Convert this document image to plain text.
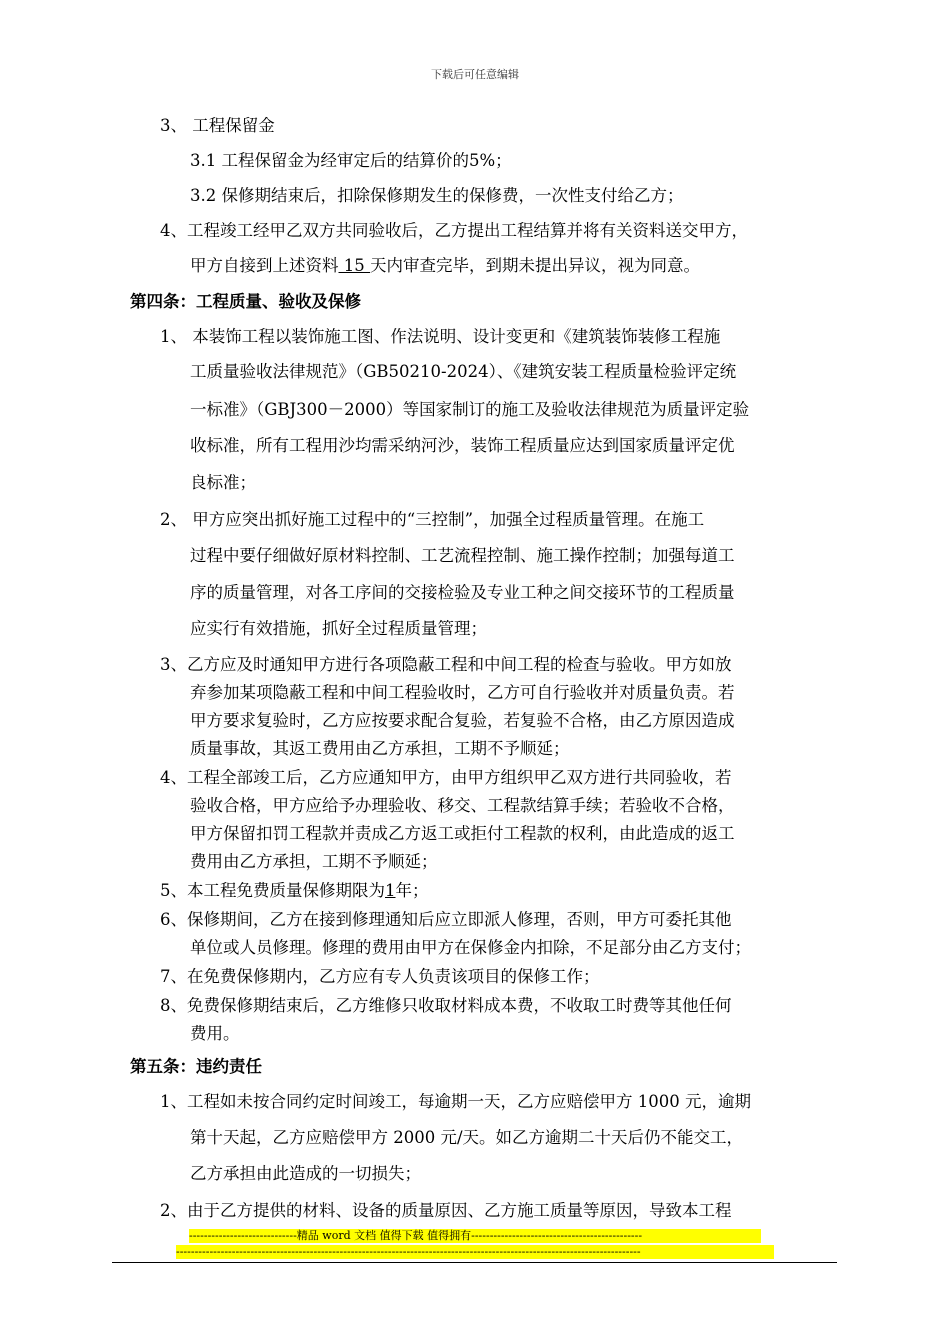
下载后可任意编辑
3、 工程保留金
3.1 工程保留金为经审定后的结算价的5%；
3.2 保修期结束后，扣除保修期发生的保修费，一次性支付给乙方；
4、工程竣工经甲乙双方共同验收后，乙方提出工程结算并将有关资料送交甲方，
甲方自接到上述资料 15 天内审查完毕，到期未提出异议，视为同意。
第四条：工程质量、验收及保修
1、 本装饰工程以装饰施工图、作法说明、设计变更和《建筑装饰装修工程施
工质量验收法律规范》（GB50210-2024）、《建筑安装工程质量检验评定统
一标准》（GBJ300－2000）等国家制订的施工及验收法律规范为质量评定验
收标准，所有工程用沙均需采纳河沙，装饰工程质量应达到国家质量评定优
良标准；
2、 甲方应突出抓好施工过程中的“三控制”，加强全过程质量管理。在施工
过程中要仔细做好原材料控制、工艺流程控制、施工操作控制；加强每道工
序的质量管理，对各工序间的交接检验及专业工种之间交接环节的工程质量
应实行有效措施，抓好全过程质量管理；
3、乙方应及时通知甲方进行各项隐蔽工程和中间工程的检查与验收。甲方如放
弃参加某项隐蔽工程和中间工程验收时，乙方可自行验收并对质量负责。若
甲方要求复验时，乙方应按要求配合复验，若复验不合格，由乙方原因造成
质量事故，其返工费用由乙方承担，工期不予顺延；
4、工程全部竣工后，乙方应通知甲方，由甲方组织甲乙双方进行共同验收，若
验收合格，甲方应给予办理验收、移交、工程款结算手续；若验收不合格，
甲方保留扣罚工程款并责成乙方返工或拒付工程款的权利，由此造成的返工
费用由乙方承担，工期不予顺延；
5、本工程免费质量保修期限为1年；
6、保修期间，乙方在接到修理通知后应立即派人修理，否则，甲方可委托其他
单位或人员修理。修理的费用由甲方在保修金内扣除，不足部分由乙方支付；
7、在免费保修期内，乙方应有专人负责该项目的保修工作；
8、免费保修期结束后，乙方维修只收取材料成本费，不收取工时费等其他任何
费用。
第五条：违约责任
1、工程如未按合同约定时间竣工，每逾期一天，乙方应赔偿甲方 1000 元，逾期
第十天起，乙方应赔偿甲方 2000 元/天。如乙方逾期二十天后仍不能交工，
乙方承担由此造成的一切损失；
2、由于乙方提供的材料、设备的质量原因、乙方施工质量等原因，导致本工程
-----------------------------精品 word 文档 值得下载 值得拥有----------------------------------------------
-----------------------------------------------------------------------------------------------------------------------------
